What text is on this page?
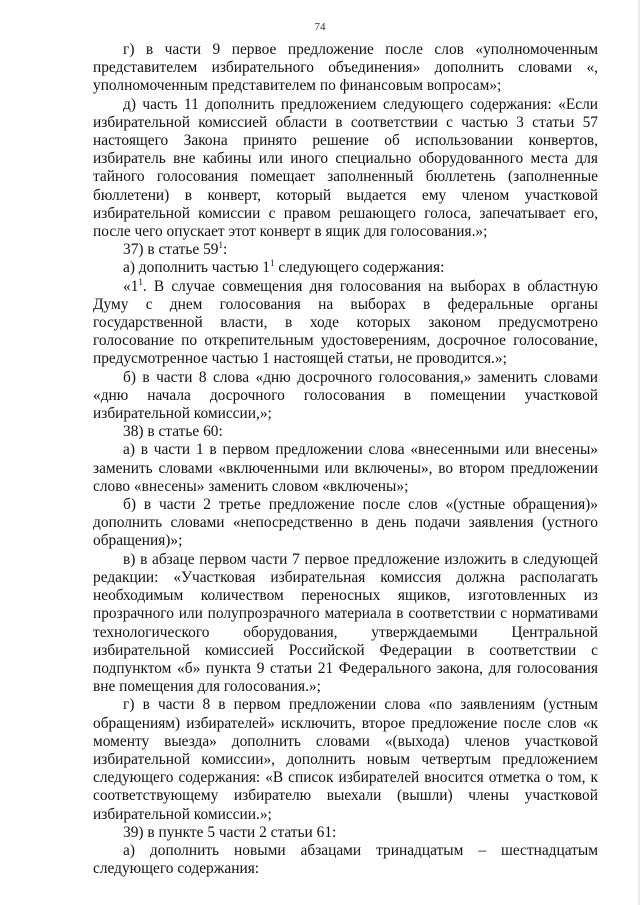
74

г) в части 9 первое предложение после слов «уполномоченным представителем избирательного объединения» дополнить словами «, уполномоченным представителем по финансовым вопросам»;

д) часть 11 дополнить предложением следующего содержания: «Если избирательной комиссией области в соответствии с частью 3 статьи 57 настоящего Закона принято решение об использовании конвертов, избиратель вне кабины или иного специально оборудованного места для тайного голосования помещает заполненный бюллетень (заполненные бюллетени) в конверт, который выдается ему членом участковой избирательной комиссии с правом решающего голоса, запечатывает его, после чего опускает этот конверт в ящик для голосования.»;

37) в статье $59^1$:

а) дополнить частью $1^1$ следующего содержания:

«$1^1$. В случае совмещения дня голосования на выборах в областную Думу с днем голосования на выборах в федеральные органы государственной власти, в ходе которых законом предусмотрено голосование по открепительным удостоверениям, досрочное голосование, предусмотренное частью 1 настоящей статьи, не проводится.»;

б) в части 8 слова «дню досрочного голосования,» заменить словами «дню начала досрочного голосования в помещении участковой избирательной комиссии,»;

38) в статье 60:

а) в части 1 в первом предложении слова «внесенными или внесены» заменить словами «включенными или включены», во втором предложении слово «внесены» заменить словом «включены»;

б) в части 2 третье предложение после слов «(устные обращения)» дополнить словами «непосредственно в день подачи заявления (устного обращения)»;

в) в абзаце первом части 7 первое предложение изложить в следующей редакции: «Участковая избирательная комиссия должна располагать необходимым количеством переносных ящиков, изготовленных из прозрачного или полупрозрачного материала в соответствии с нормативами технологического оборудования, утверждаемыми Центральной избирательной комиссией Российской Федерации в соответствии с подпунктом «б» пункта 9 статьи 21 Федерального закона, для голосования вне помещения для голосования.»;

г) в части 8 в первом предложении слова «по заявлениям (устным обращениям) избирателей» исключить, второе предложение после слов «к моменту выезда» дополнить словами «(выхода) членов участковой избирательной комиссии», дополнить новым четвертым предложением следующего содержания: «В список избирателей вносится отметка о том, к соответствующему избирателю выехали (вышли) члены участковой избирательной комиссии.»;

39) в пункте 5 части 2 статьи 61:

а) дополнить новыми абзацами тринадцатым – шестнадцатым следующего содержания:
